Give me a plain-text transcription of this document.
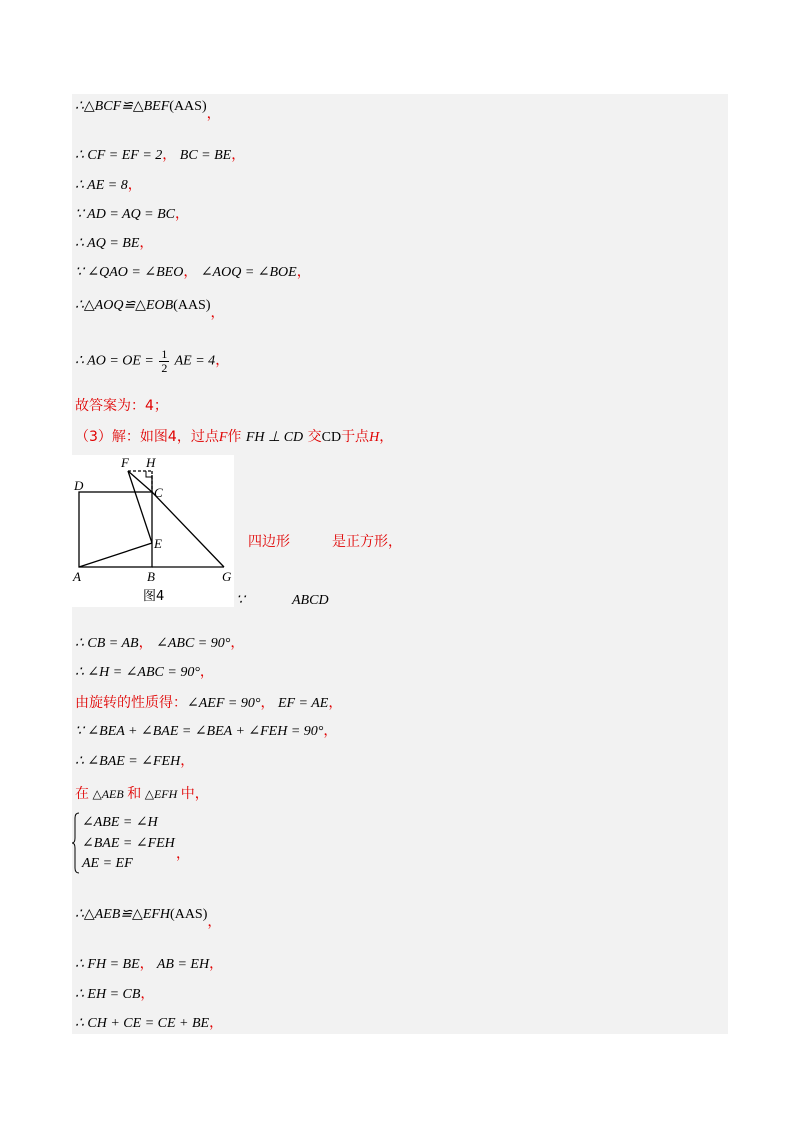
∴△BCF≌△BEF(AAS)，
∴ CF = EF = 2， BC = BE，
∴ AE = 8，
∵ AD = AQ = BC，
∴ AQ = BE，
∵ ∠QAO = ∠BEO， ∠AOQ = ∠BOE，
∴△AOQ≌△EOB(AAS)，
∴ AO = OE = $\frac{1}{2}$ AE = 4，
故答案为：4；
（3）解：如图4，过点F作 FH ⊥ CD 交CD于点H，
F H
D	C
E
A	B	G
图4
四边形	是正方形，
∵	ABCD
∴ CB = AB， ∠ABC = 90°，
∴ ∠H = ∠ABC = 90°，
由旋转的性质得：∠AEF = 90°， EF = AE，
∵ ∠BEA + ∠BAE = ∠BEA + ∠FEH = 90°，
∴ ∠BAE = ∠FEH，
在 △AEB 和 △EFH 中，
∠ABE = ∠H
∠BAE = ∠FEH
AE = EF
，
∴△AEB≌△EFH(AAS)，
∴ FH = BE， AB = EH，
∴ EH = CB，
∴ CH + CE = CE + BE，
